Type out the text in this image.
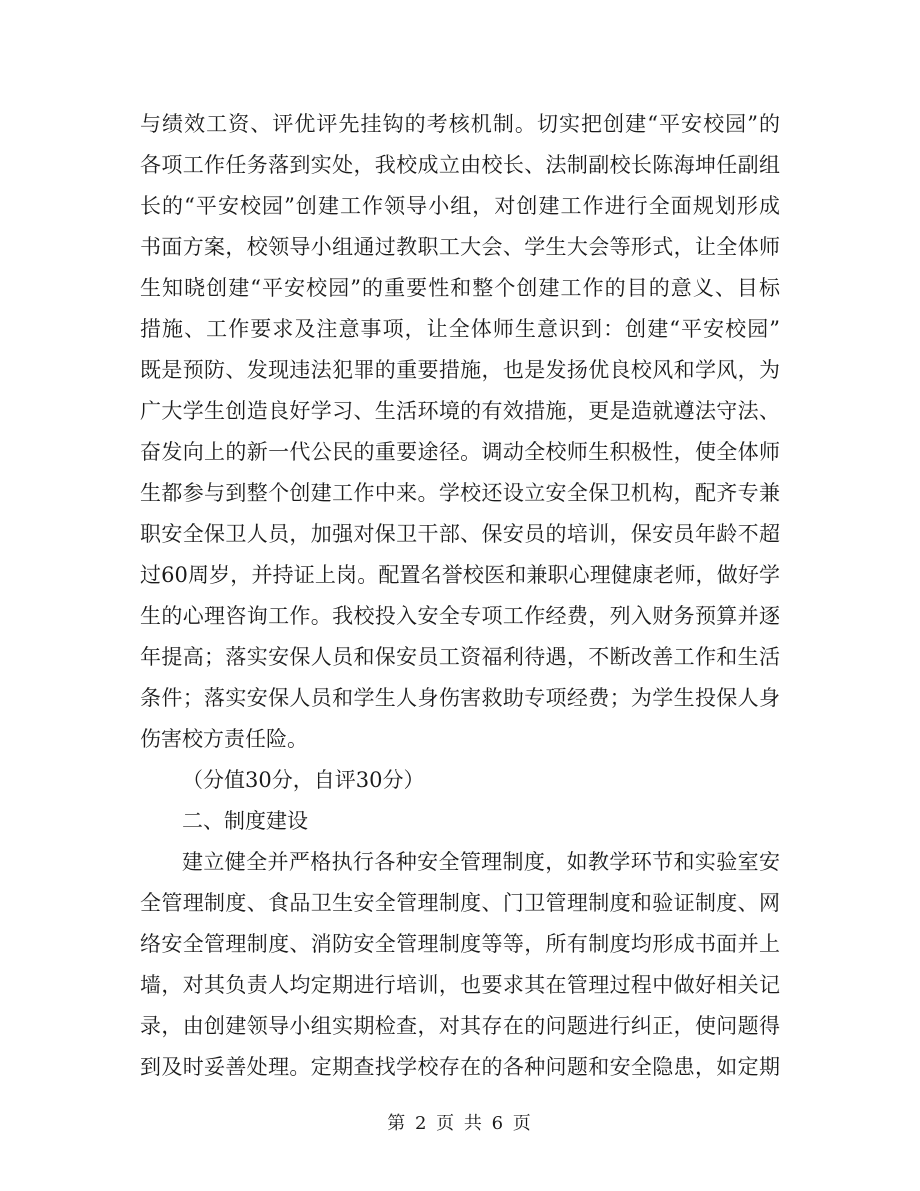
与绩效工资、评优评先挂钩的考核机制。切实把创建“平安校园”的
各项工作任务落到实处，我校成立由校长、法制副校长陈海坤任副组
长的“平安校园”创建工作领导小组，对创建工作进行全面规划形成
书面方案，校领导小组通过教职工大会、学生大会等形式，让全体师
生知晓创建“平安校园”的重要性和整个创建工作的目的意义、目标
措施、工作要求及注意事项，让全体师生意识到：创建“平安校园”
既是预防、发现违法犯罪的重要措施，也是发扬优良校风和学风，为
广大学生创造良好学习、生活环境的有效措施，更是造就遵法守法、
奋发向上的新一代公民的重要途径。调动全校师生积极性，使全体师
生都参与到整个创建工作中来。学校还设立安全保卫机构，配齐专兼
职安全保卫人员，加强对保卫干部、保安员的培训，保安员年龄不超
过60周岁，并持证上岗。配置名誉校医和兼职心理健康老师，做好学
生的心理咨询工作。我校投入安全专项工作经费，列入财务预算并逐
年提高；落实安保人员和保安员工资福利待遇，不断改善工作和生活
条件；落实安保人员和学生人身伤害救助专项经费；为学生投保人身
伤害校方责任险。
（分值30分，自评30分）
二、制度建设
建立健全并严格执行各种安全管理制度，如教学环节和实验室安
全管理制度、食品卫生安全管理制度、门卫管理制度和验证制度、网
络安全管理制度、消防安全管理制度等等，所有制度均形成书面并上
墙，对其负责人均定期进行培训，也要求其在管理过程中做好相关记
录，由创建领导小组实期检查，对其存在的问题进行纠正，使问题得
到及时妥善处理。定期查找学校存在的各种问题和安全隐患，如定期
第 2 页 共 6 页
